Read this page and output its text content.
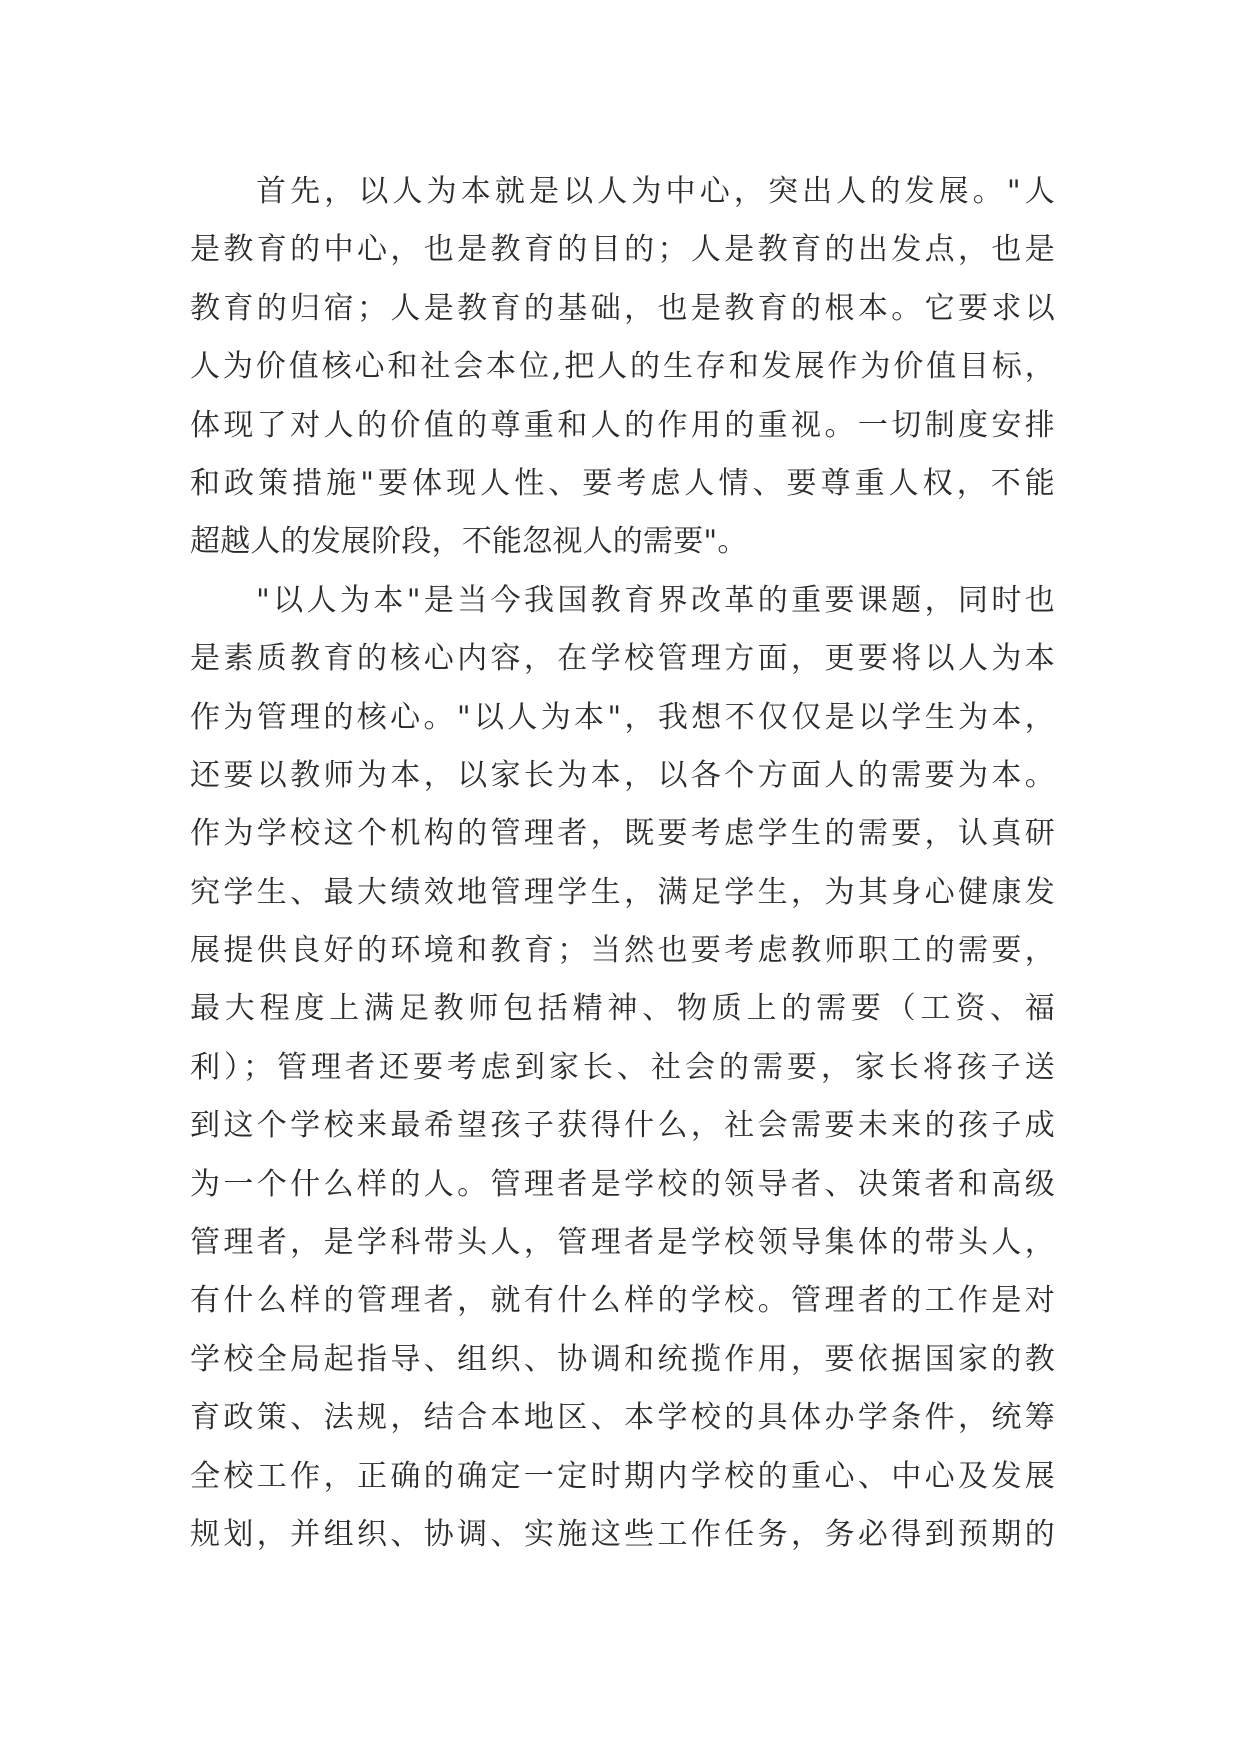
首先，以人为本就是以人为中心，突出人的发展。"人
是教育的中心，也是教育的目的；人是教育的出发点，也是
教育的归宿；人是教育的基础，也是教育的根本。它要求以
人为价值核心和社会本位,把人的生存和发展作为价值目标，
体现了对人的价值的尊重和人的作用的重视。一切制度安排
和政策措施"要体现人性、要考虑人情、要尊重人权，不能
超越人的发展阶段，不能忽视人的需要"。
"以人为本"是当今我国教育界改革的重要课题，同时也
是素质教育的核心内容，在学校管理方面，更要将以人为本
作为管理的核心。"以人为本"，我想不仅仅是以学生为本，
还要以教师为本，以家长为本，以各个方面人的需要为本。
作为学校这个机构的管理者，既要考虑学生的需要，认真研
究学生、最大绩效地管理学生，满足学生，为其身心健康发
展提供良好的环境和教育；当然也要考虑教师职工的需要，
最大程度上满足教师包括精神、物质上的需要（工资、福
利）；管理者还要考虑到家长、社会的需要，家长将孩子送
到这个学校来最希望孩子获得什么，社会需要未来的孩子成
为一个什么样的人。管理者是学校的领导者、决策者和高级
管理者，是学科带头人，管理者是学校领导集体的带头人，
有什么样的管理者，就有什么样的学校。管理者的工作是对
学校全局起指导、组织、协调和统揽作用，要依据国家的教
育政策、法规，结合本地区、本学校的具体办学条件，统筹
全校工作，正确的确定一定时期内学校的重心、中心及发展
规划，并组织、协调、实施这些工作任务，务必得到预期的
